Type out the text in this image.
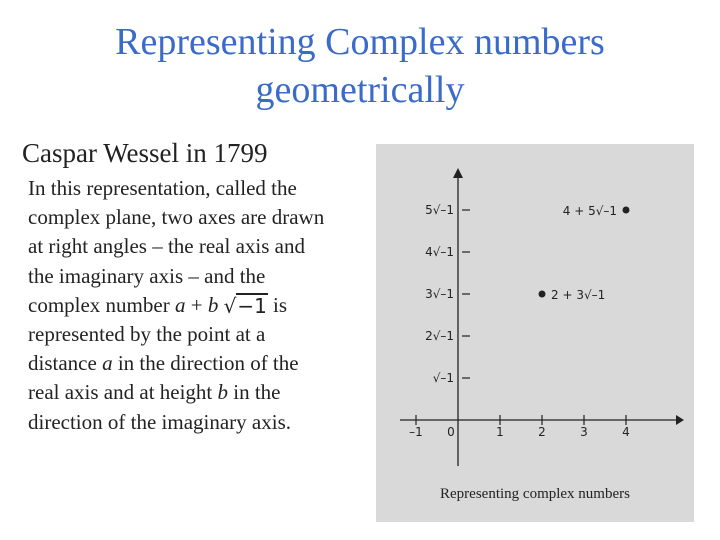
Representing Complex numbers
geometrically
Caspar Wessel in 1799
In this representation, called the
complex plane, two axes are drawn
at right angles – the real axis and
the imaginary axis – and the
complex number a + b √−1 is
represented by the point at a
distance a in the direction of the
real axis and at height b in the
direction of the imaginary axis.	–1 0	1	2	3	4
√–1
2√–1
3√–1
4√–1
5√–1
2 + 3√–1
4 + 5√–1
Representing complex numbers
